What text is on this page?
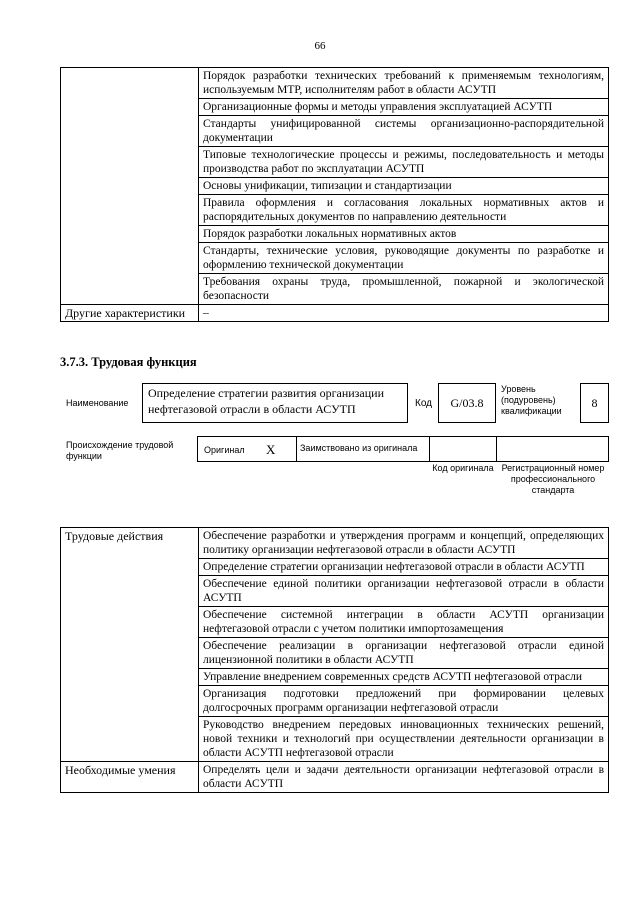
66
	Порядок разработки технических требований к применяемым технологиям, используемым МТР, исполнителям работ в области АСУТП
	Организационные формы и методы управления эксплуатацией АСУТП
	Стандарты унифицированной системы организационно-распорядительной документации
	Типовые технологические процессы и режимы, последовательность и методы производства работ по эксплуатации АСУТП
	Основы унификации, типизации и стандартизации
	Правила оформления и согласования локальных нормативных актов и распорядительных документов по направлению деятельности
	Порядок разработки локальных нормативных актов
	Стандарты, технические условия, руководящие документы по разработке и оформлению технической документации
	Требования охраны труда, промышленной, пожарной и экологической безопасности
Другие характеристики	–
3.7.3. Трудовая функция
Наименование
Определение стратегии развития организации нефтегазовой отрасли в области АСУТП	Код	G/03.8
Уровень (подуровень) квалификации
8
Происхождение трудовой функции
Оригинал X	Заимствовано из оригинала
Код оригинала Регистрационный номер профессионального стандарта
Трудовые действия	Обеспечение разработки и утверждения программ и концепций, определяющих политику организации нефтегазовой отрасли в области АСУТП
	Определение стратегии организации нефтегазовой отрасли в области АСУТП
	Обеспечение единой политики организации нефтегазовой отрасли в области АСУТП
	Обеспечение системной интеграции в области АСУТП организации нефтегазовой отрасли с учетом политики импортозамещения
	Обеспечение реализации в организации нефтегазовой отрасли единой лицензионной политики в области АСУТП
	Управление внедрением современных средств АСУТП нефтегазовой отрасли
	Организация подготовки предложений при формировании целевых долгосрочных программ организации нефтегазовой отрасли
	Руководство внедрением передовых инновационных технических решений, новой техники и технологий при осуществлении деятельности организации в области АСУТП нефтегазовой отрасли
Необходимые умения	Определять цели и задачи деятельности организации нефтегазовой отрасли в области АСУТП
